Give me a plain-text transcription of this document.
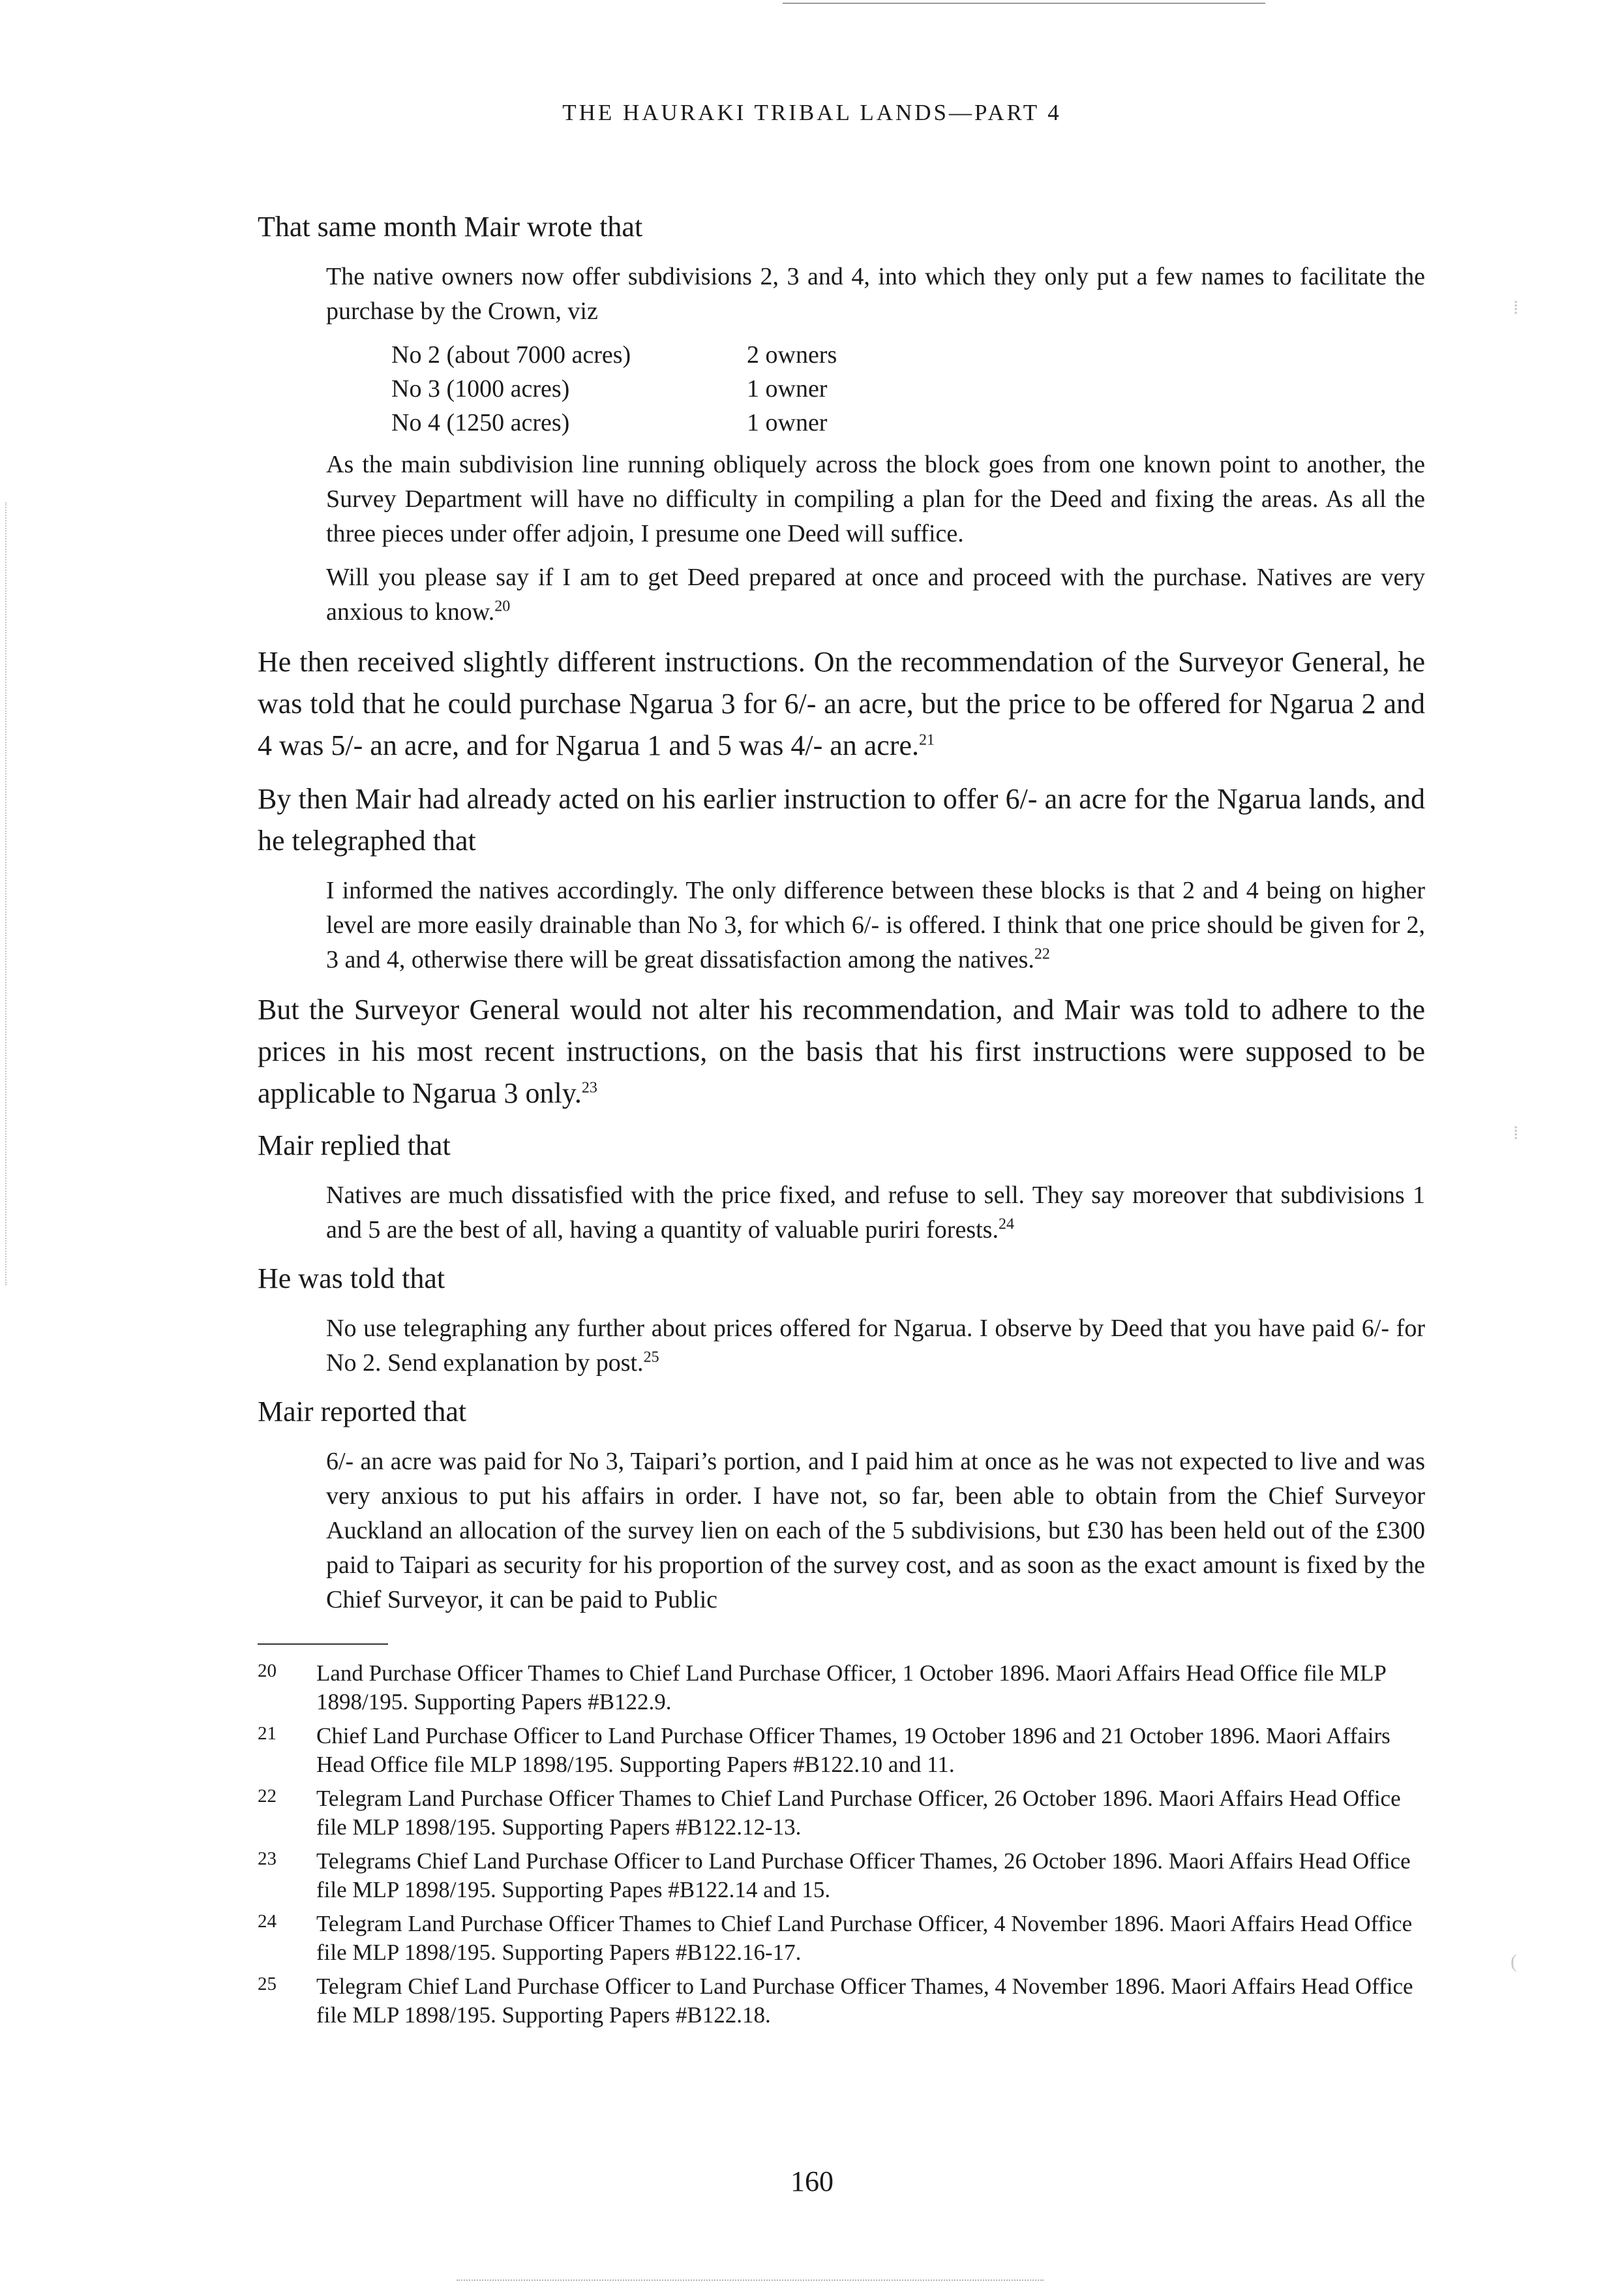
⁞
⁞
(
THE HAURAKI TRIBAL LANDS—PART 4
That same month Mair wrote that

The native owners now offer subdivisions 2, 3 and 4, into which they only put a few names to facilitate the purchase by the Crown, viz

No 2 (about 7000 acres)	2 owners
No 3 (1000 acres)	1 owner
No 4 (1250 acres)	1 owner

As the main subdivision line running obliquely across the block goes from one known point to another, the Survey Department will have no difficulty in compiling a plan for the Deed and fixing the areas. As all the three pieces under offer adjoin, I presume one Deed will suffice.

Will you please say if I am to get Deed prepared at once and proceed with the purchase. Natives are very anxious to know.$^{20}$

He then received slightly different instructions. On the recommendation of the Surveyor General, he was told that he could purchase Ngarua 3 for 6/- an acre, but the price to be offered for Ngarua 2 and 4 was 5/- an acre, and for Ngarua 1 and 5 was 4/- an acre.$^{21}$

By then Mair had already acted on his earlier instruction to offer 6/- an acre for the Ngarua lands, and he telegraphed that

I informed the natives accordingly. The only difference between these blocks is that 2 and 4 being on higher level are more easily drainable than No 3, for which 6/- is offered. I think that one price should be given for 2, 3 and 4, otherwise there will be great dissatisfaction among the natives.$^{22}$

But the Surveyor General would not alter his recommendation, and Mair was told to adhere to the prices in his most recent instructions, on the basis that his first instructions were supposed to be applicable to Ngarua 3 only.$^{23}$

Mair replied that

Natives are much dissatisfied with the price fixed, and refuse to sell. They say moreover that subdivisions 1 and 5 are the best of all, having a quantity of valuable puriri forests.$^{24}$

He was told that

No use telegraphing any further about prices offered for Ngarua. I observe by Deed that you have paid 6/- for No 2. Send explanation by post.$^{25}$

Mair reported that

6/- an acre was paid for No 3, Taipari’s portion, and I paid him at once as he was not expected to live and was very anxious to put his affairs in order. I have not, so far, been able to obtain from the Chief Surveyor Auckland an allocation of the survey lien on each of the 5 subdivisions, but £30 has been held out of the £300 paid to Taipari as security for his proportion of the survey cost, and as soon as the exact amount is fixed by the Chief Surveyor, it can be paid to Public

20	Land Purchase Officer Thames to Chief Land Purchase Officer, 1 October 1896. Maori Affairs Head Office file MLP 1898/195. Supporting Papers #B122.9.
21	Chief Land Purchase Officer to Land Purchase Officer Thames, 19 October 1896 and 21 October 1896. Maori Affairs Head Office file MLP 1898/195. Supporting Papers #B122.10 and 11.
22	Telegram Land Purchase Officer Thames to Chief Land Purchase Officer, 26 October 1896. Maori Affairs Head Office file MLP 1898/195. Supporting Papers #B122.12-13.
23	Telegrams Chief Land Purchase Officer to Land Purchase Officer Thames, 26 October 1896. Maori Affairs Head Office file MLP 1898/195. Supporting Papes #B122.14 and 15.
24	Telegram Land Purchase Officer Thames to Chief Land Purchase Officer, 4 November 1896. Maori Affairs Head Office file MLP 1898/195. Supporting Papers #B122.16-17.
25	Telegram Chief Land Purchase Officer to Land Purchase Officer Thames, 4 November 1896. Maori Affairs Head Office file MLP 1898/195. Supporting Papers #B122.18.
160
